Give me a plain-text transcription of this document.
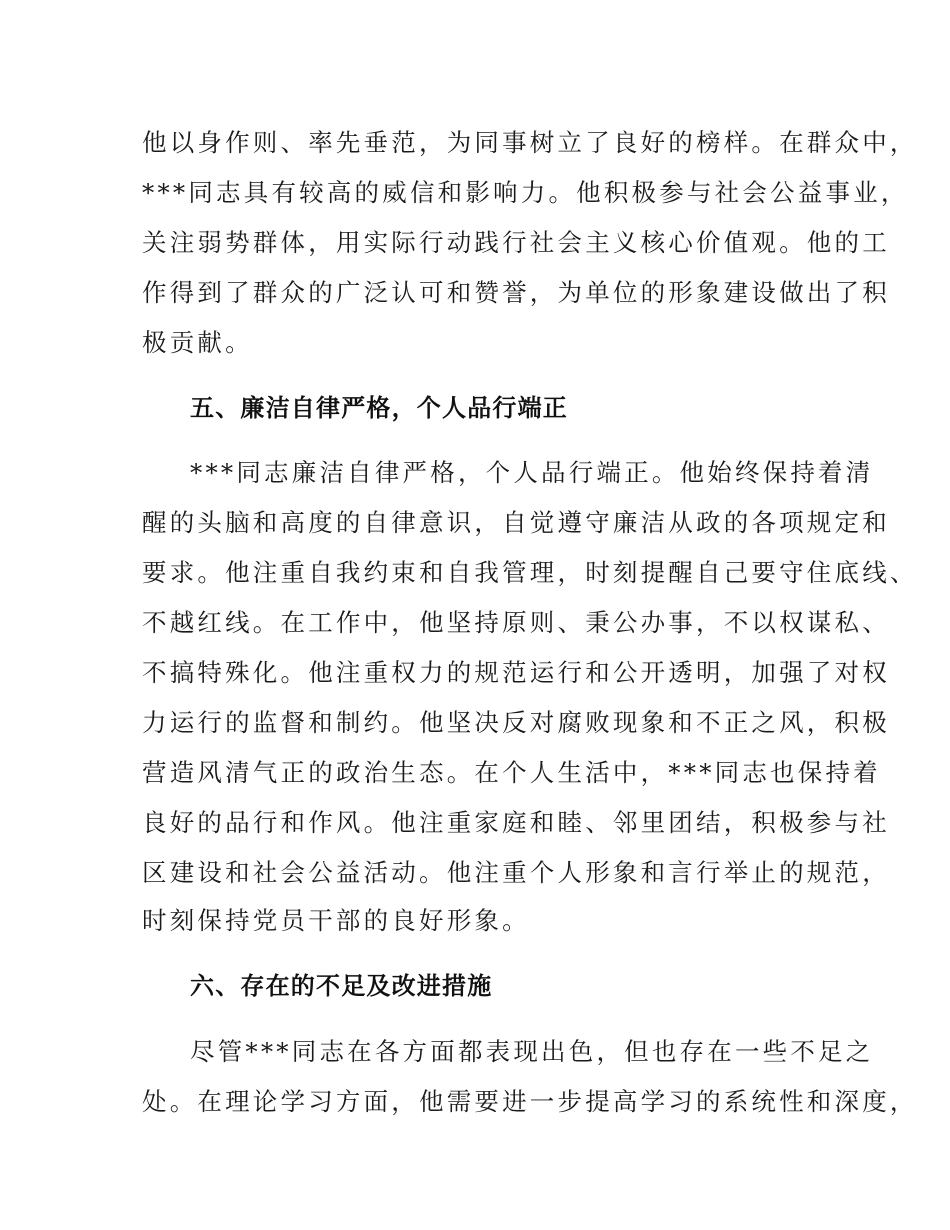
他以身作则、率先垂范，为同事树立了良好的榜样。在群众中，
***同志具有较高的威信和影响力。他积极参与社会公益事业，
关注弱势群体，用实际行动践行社会主义核心价值观。他的工
作得到了群众的广泛认可和赞誉，为单位的形象建设做出了积
极贡献。
五、廉洁自律严格，个人品行端正
***同志廉洁自律严格，个人品行端正。他始终保持着清
醒的头脑和高度的自律意识，自觉遵守廉洁从政的各项规定和
要求。他注重自我约束和自我管理，时刻提醒自己要守住底线、
不越红线。在工作中，他坚持原则、秉公办事，不以权谋私、
不搞特殊化。他注重权力的规范运行和公开透明，加强了对权
力运行的监督和制约。他坚决反对腐败现象和不正之风，积极
营造风清气正的政治生态。在个人生活中，***同志也保持着
良好的品行和作风。他注重家庭和睦、邻里团结，积极参与社
区建设和社会公益活动。他注重个人形象和言行举止的规范，
时刻保持党员干部的良好形象。
六、存在的不足及改进措施
尽管***同志在各方面都表现出色，但也存在一些不足之
处。在理论学习方面，他需要进一步提高学习的系统性和深度，
